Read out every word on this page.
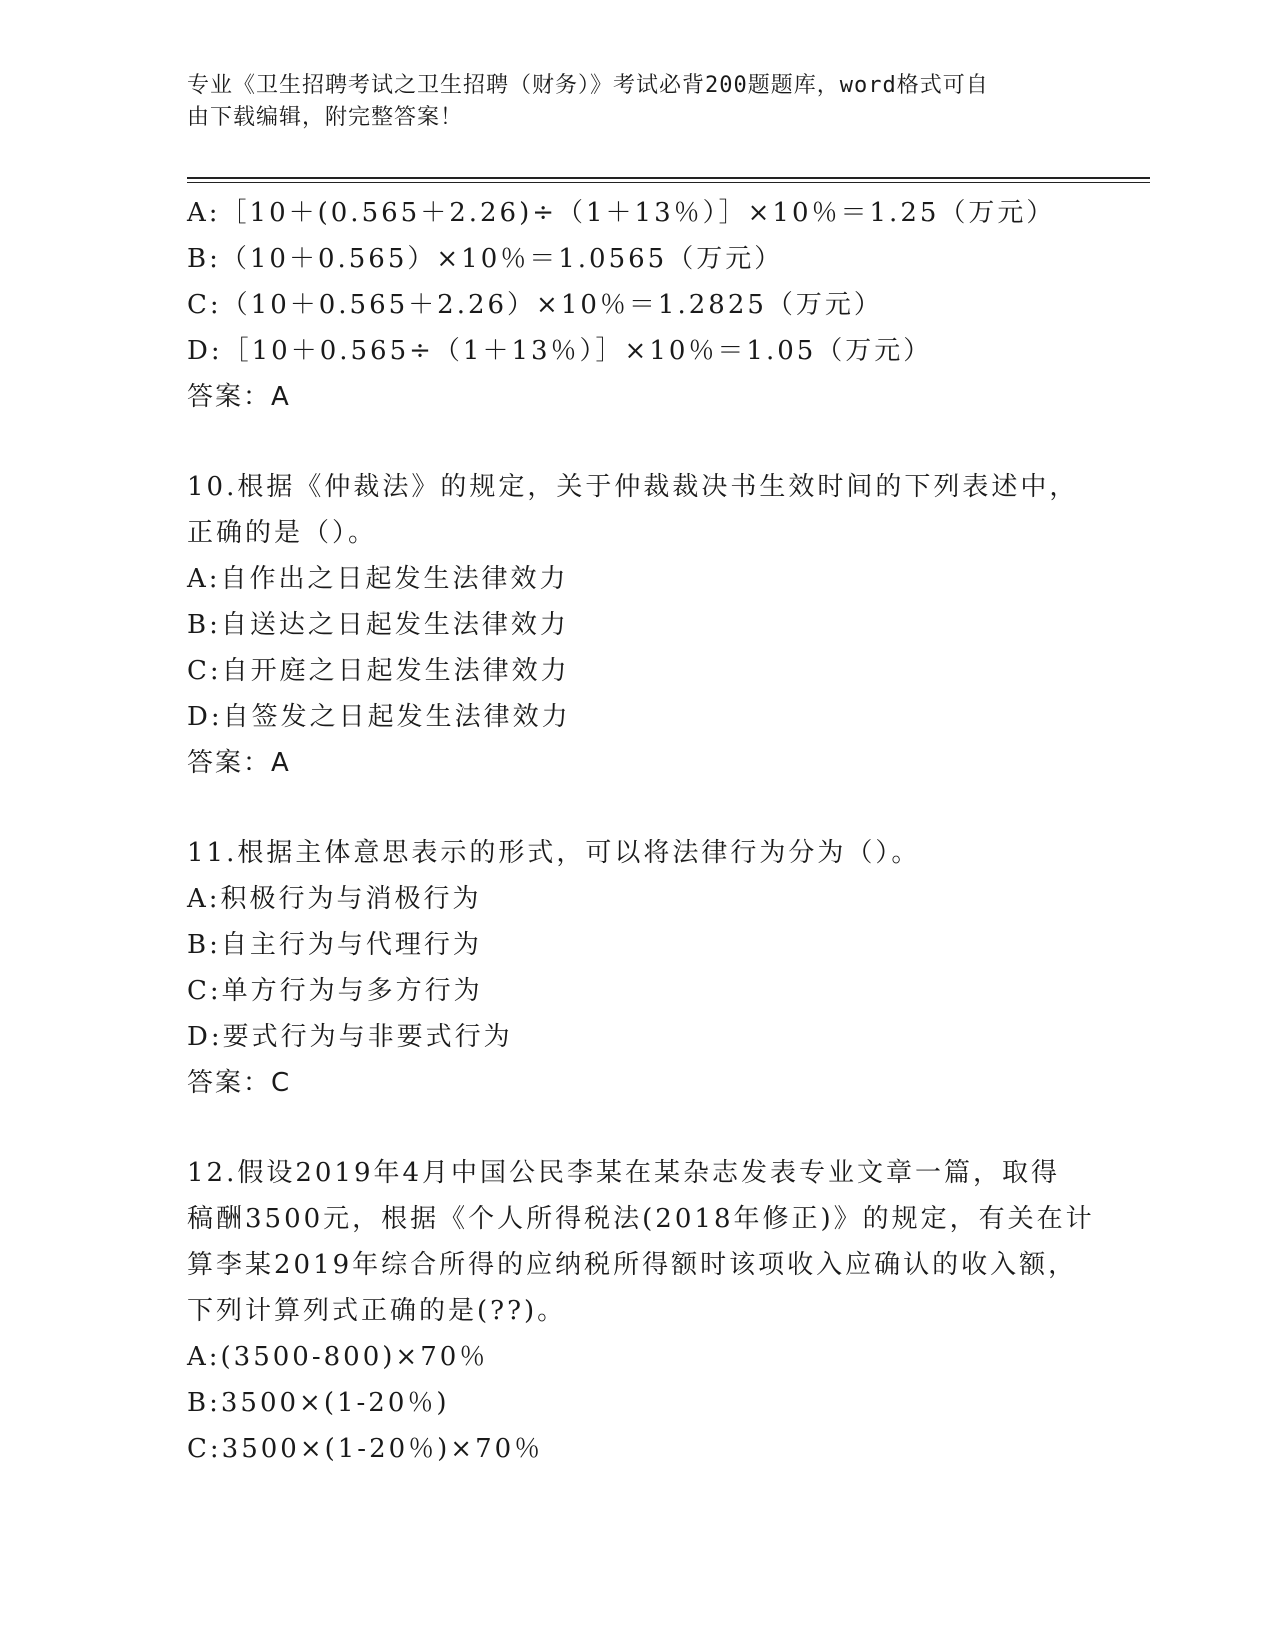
专业《卫生招聘考试之卫生招聘（财务）》考试必背200题题库，word格式可自
由下载编辑，附完整答案！
A:［10＋(0.565＋2.26)÷（1＋13％）］×10％＝1.25（万元）
B:（10＋0.565）×10％＝1.0565（万元）
C:（10＋0.565＋2.26）×10％＝1.2825（万元）
D:［10＋0.565÷（1＋13％）］×10％＝1.05（万元）
答案：A
10.根据《仲裁法》的规定，关于仲裁裁决书生效时间的下列表述中，
正确的是（）。
A:自作出之日起发生法律效力
B:自送达之日起发生法律效力
C:自开庭之日起发生法律效力
D:自签发之日起发生法律效力
答案：A
11.根据主体意思表示的形式，可以将法律行为分为（）。
A:积极行为与消极行为
B:自主行为与代理行为
C:单方行为与多方行为
D:要式行为与非要式行为
答案：C
12.假设2019年4月中国公民李某在某杂志发表专业文章一篇，取得
稿酬3500元，根据《个人所得税法(2018年修正)》的规定，有关在计
算李某2019年综合所得的应纳税所得额时该项收入应确认的收入额，
下列计算列式正确的是(??)。
A:(3500-800)×70％
B:3500×(1-20％)
C:3500×(1-20％)×70％
